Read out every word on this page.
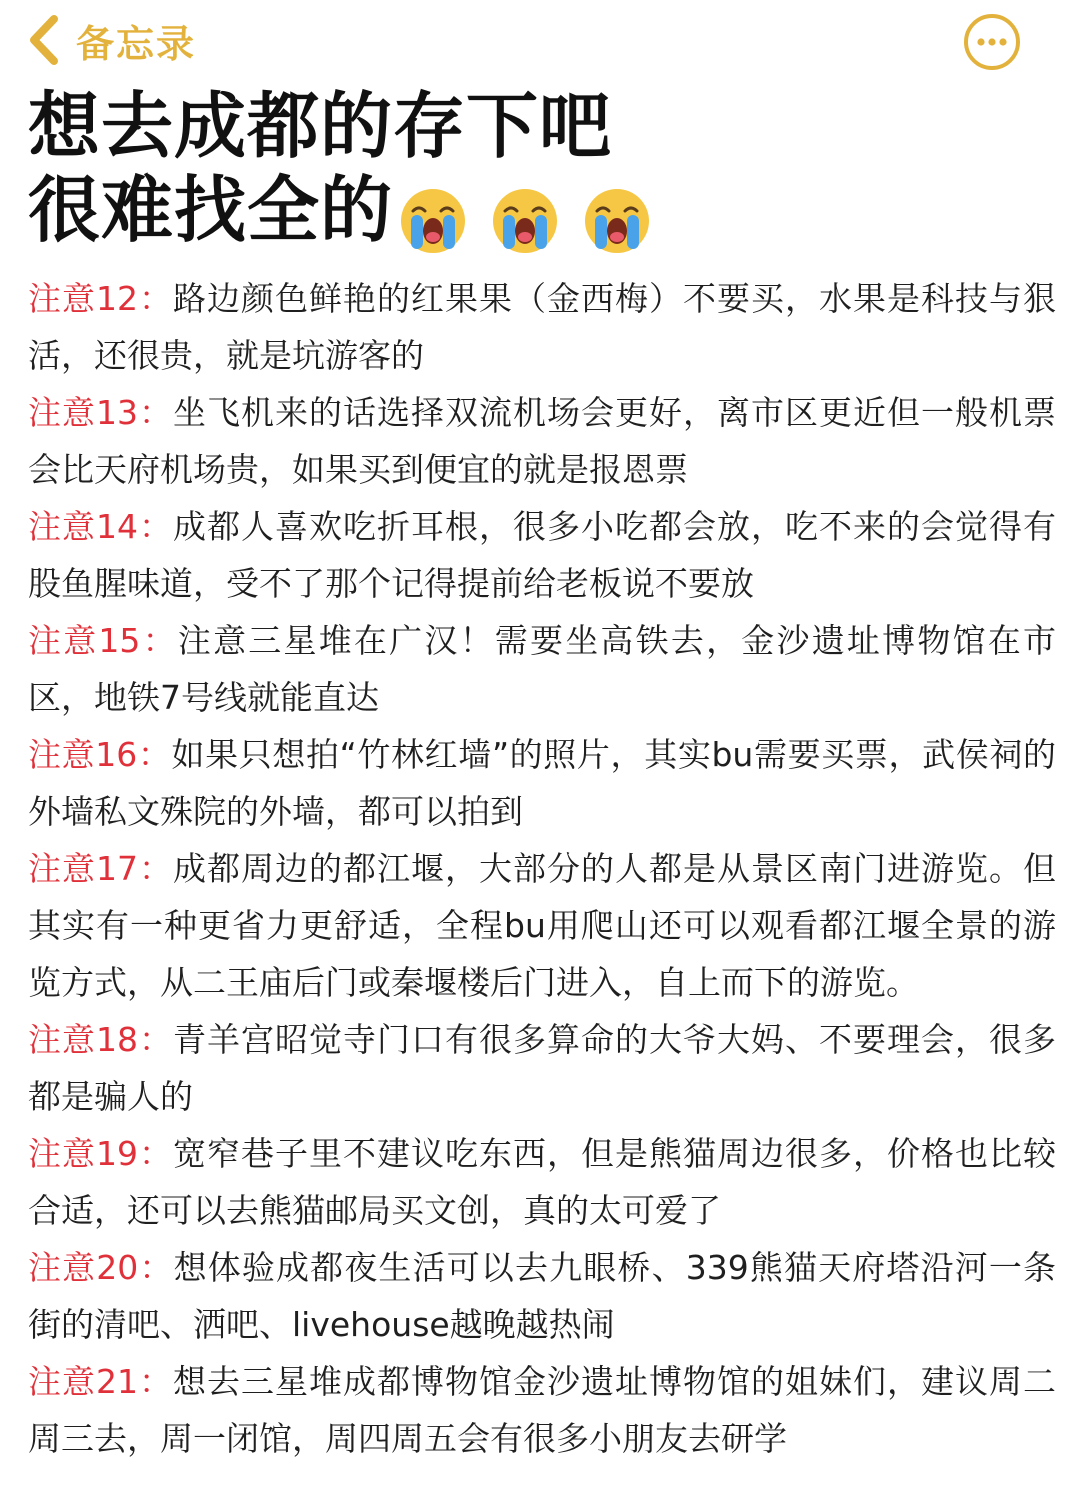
备忘录
想去成都的存下吧
很难找全的
注意12：路边颜色鲜艳的红果果（金西梅）不要买，水果是科技与狠活，还很贵，就是坑游客的
注意13：坐飞机来的话选择双流机场会更好，离市区更近但一般机票会比天府机场贵，如果买到便宜的就是报恩票
注意14：成都人喜欢吃折耳根，很多小吃都会放，吃不来的会觉得有股鱼腥味道，受不了那个记得提前给老板说不要放
注意15：注意三星堆在广汉！需要坐高铁去，金沙遗址博物馆在市区，地铁7号线就能直达
注意16：如果只想拍“竹林红墙”的照片，其实bu需要买票，武侯祠的外墙私文殊院的外墙，都可以拍到
注意17：成都周边的都江堰，大部分的人都是从景区南门进游览。但其实有一种更省力更舒适，全程bu用爬山还可以观看都江堰全景的游览方式，从二王庙后门或秦堰楼后门进入，自上而下的游览。
注意18：青羊宫昭觉寺门口有很多算命的大爷大妈、不要理会，很多都是骗人的
注意19：宽窄巷子里不建议吃东西，但是熊猫周边很多，价格也比较合适，还可以去熊猫邮局买文创，真的太可爱了
注意20：想体验成都夜生活可以去九眼桥、339熊猫天府塔沿河一条街的清吧、洒吧、livehouse越晚越热闹
注意21：想去三星堆成都博物馆金沙遗址博物馆的姐妹们，建议周二周三去，周一闭馆，周四周五会有很多小朋友去研学
